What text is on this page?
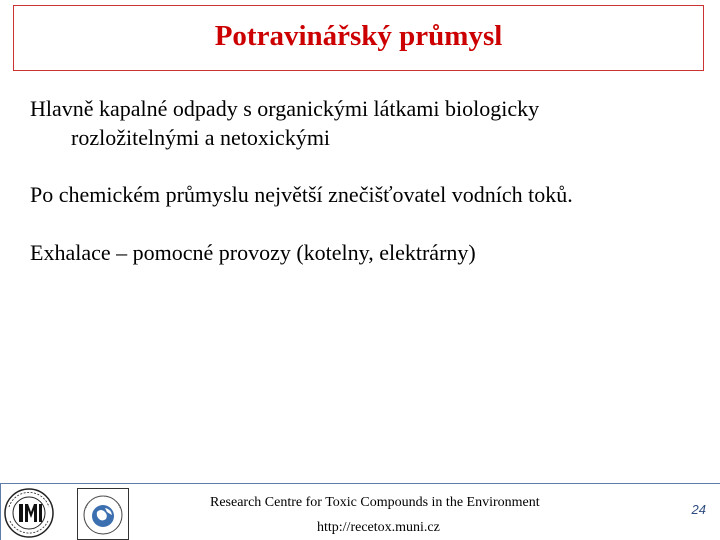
Potravinářský průmysl

Hlavně kapalné odpady s organickými látkami biologicky
rozložitelnými a netoxickými

Po chemickém průmyslu největší znečišťovatel vodních toků.

Exhalace – pomocné provozy (kotelny, elektrárny)

Research Centre for Toxic Compounds in the Environment
http://recetox.muni.cz
24
